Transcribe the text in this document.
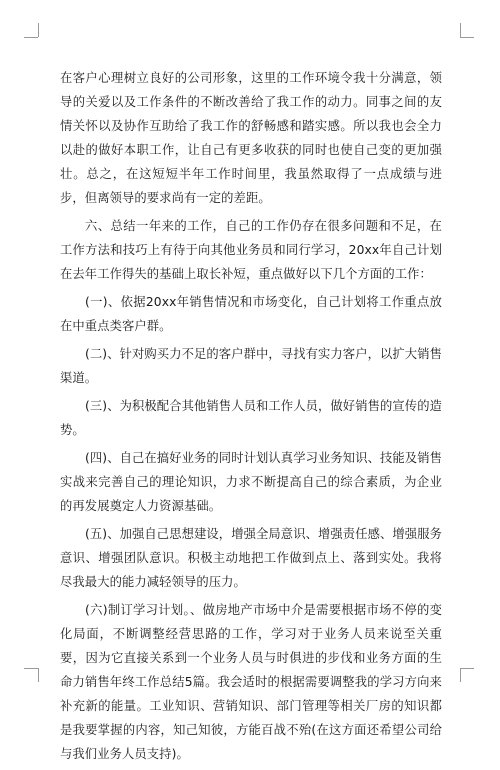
在客户心理树立良好的公司形象，这里的工作环境令我十分满意，领导的关爱以及工作条件的不断改善给了我工作的动力。同事之间的友情关怀以及协作互助给了我工作的舒畅感和踏实感。所以我也会全力以赴的做好本职工作，让自己有更多收获的同时也使自己变的更加强壮。总之，在这短短半年工作时间里，我虽然取得了一点成绩与进步，但离领导的要求尚有一定的差距。

六、总结一年来的工作，自己的工作仍存在很多问题和不足，在工作方法和技巧上有待于向其他业务员和同行学习，20xx年自己计划在去年工作得失的基础上取长补短，重点做好以下几个方面的工作：

(一)、依据20xx年销售情况和市场变化，自己计划将工作重点放在中重点类客户群。

(二)、针对购买力不足的客户群中，寻找有实力客户，以扩大销售渠道。

(三)、为积极配合其他销售人员和工作人员，做好销售的宣传的造势。

(四)、自己在搞好业务的同时计划认真学习业务知识、技能及销售实战来完善自己的理论知识，力求不断提高自己的综合素质，为企业的再发展奠定人力资源基础。

(五)、加强自己思想建设，增强全局意识、增强责任感、增强服务意识、增强团队意识。积极主动地把工作做到点上、落到实处。我将尽我最大的能力减轻领导的压力。

(六)制订学习计划。、做房地产市场中介是需要根据市场不停的变化局面，不断调整经营思路的工作，学习对于业务人员来说至关重要，因为它直接关系到一个业务人员与时俱进的步伐和业务方面的生命力销售年终工作总结5篇。我会适时的根据需要调整我的学习方向来补充新的能量。工业知识、营销知识、部门管理等相关厂房的知识都是我要掌握的内容，知己知彼，方能百战不殆(在这方面还希望公司给与我们业务人员支持)。
